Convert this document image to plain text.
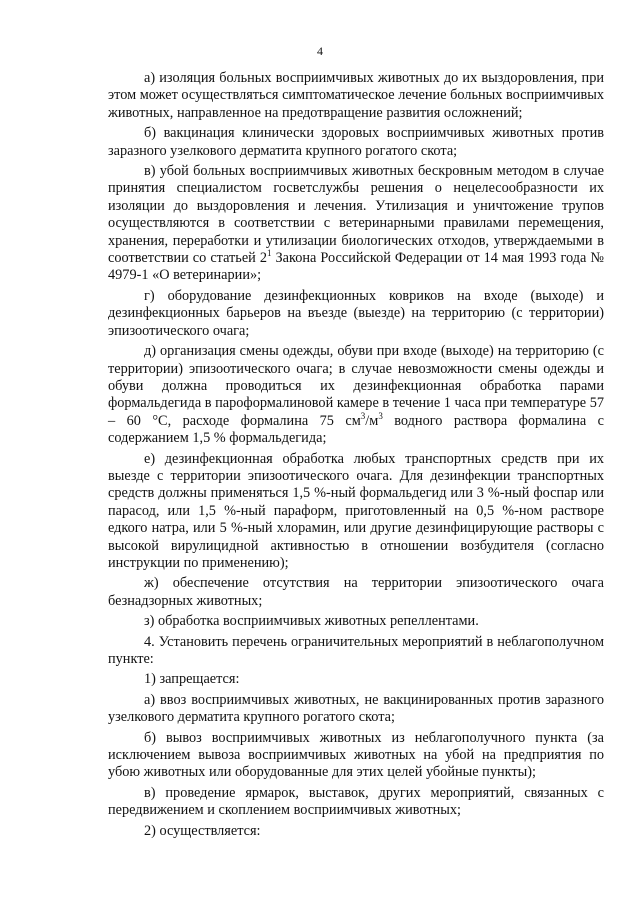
4

а) изоляция больных восприимчивых животных до их выздоровления, при этом может осуществляться симптоматическое лечение больных восприимчивых животных, направленное на предотвращение развития осложнений;

б) вакцинация клинически здоровых восприимчивых животных против заразного узелкового дерматита крупного рогатого скота;

в) убой больных восприимчивых животных бескровным методом в случае принятия специалистом госветслужбы решения о нецелесообразности их изоляции до выздоровления и лечения. Утилизация и уничтожение трупов осуществляются в соответствии с ветеринарными правилами перемещения, хранения, переработки и утилизации биологических отходов, утверждаемыми в соответствии со статьей $2^1$ Закона Российской Федерации от 14 мая 1993 года № 4979-1 «О ветеринарии»;

г) оборудование дезинфекционных ковриков на входе (выходе) и дезинфекционных барьеров на въезде (выезде) на территорию (с территории) эпизоотического очага;

д) организация смены одежды, обуви при входе (выходе) на территорию (с территории) эпизоотического очага; в случае невозможности смены одежды и обуви должна проводиться их дезинфекционная обработка парами формальдегида в пароформалиновой камере в течение 1 часа при температуре 57 – 60 °С, расходе формалина 75 $см^3/м^3$ водного раствора формалина с содержанием 1,5 % формальдегида;

е) дезинфекционная обработка любых транспортных средств при их выезде с территории эпизоотического очага. Для дезинфекции транспортных средств должны применяться 1,5 %-ный формальдегид или 3 %-ный фоспар или парасод, или 1,5 %-ный параформ, приготовленный на 0,5 %-ном растворе едкого натра, или 5 %-ный хлорамин, или другие дезинфицирующие растворы с высокой вирулицидной активностью в отношении возбудителя (согласно инструкции по применению);

ж) обеспечение отсутствия на территории эпизоотического очага безнадзорных животных;

з) обработка восприимчивых животных репеллентами.

4. Установить перечень ограничительных мероприятий в неблагополучном пункте:

1) запрещается:

а) ввоз восприимчивых животных, не вакцинированных против заразного узелкового дерматита крупного рогатого скота;

б) вывоз восприимчивых животных из неблагополучного пункта (за исключением вывоза восприимчивых животных на убой на предприятия по убою животных или оборудованные для этих целей убойные пункты);

в) проведение ярмарок, выставок, других мероприятий, связанных с передвижением и скоплением восприимчивых животных;

2) осуществляется:
